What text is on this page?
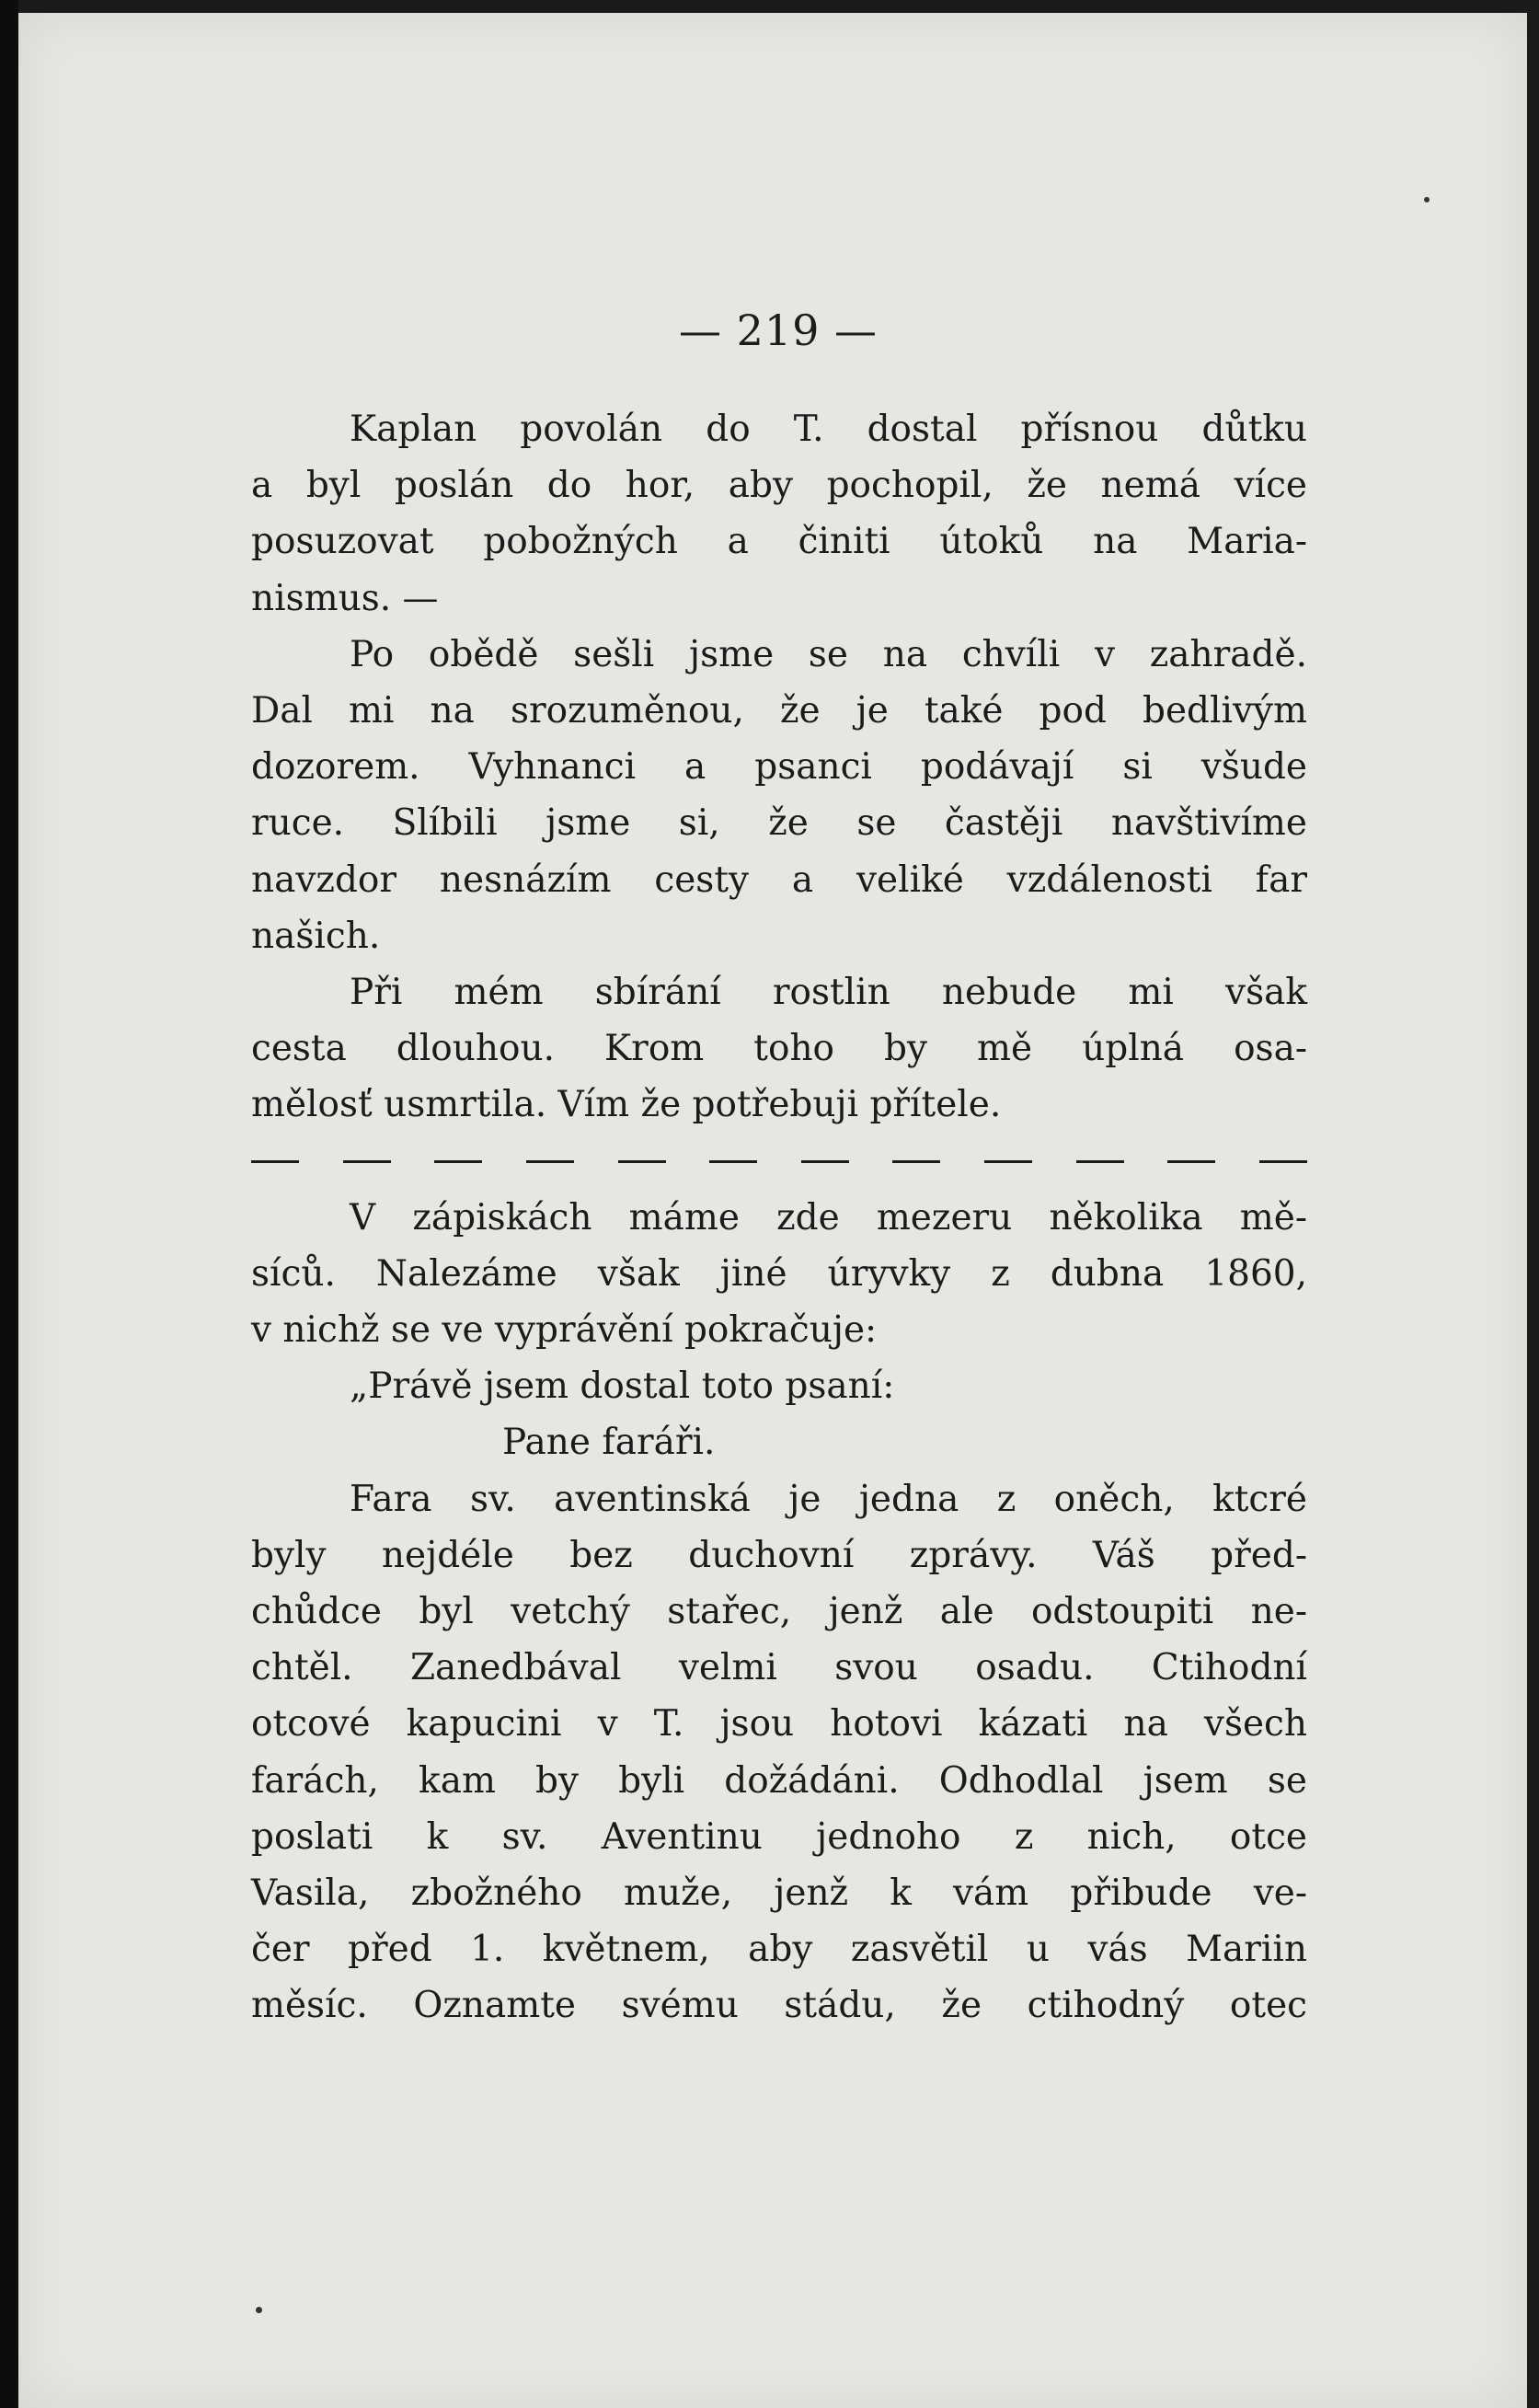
— 219 —
Kaplan povolán do T. dostal přísnou důtku
a byl poslán do hor, aby pochopil, že nemá více
posuzovat pobožných a činiti útoků na Maria-
nismus. —
Po obědě sešli jsme se na chvíli v zahradě.
Dal mi na srozuměnou, že je také pod bedlivým
dozorem. Vyhnanci a psanci podávají si všude
ruce. Slíbili jsme si, že se častěji navštivíme
navzdor nesnázím cesty a veliké vzdálenosti far
našich.
Při mém sbírání rostlin nebude mi však
cesta dlouhou. Krom toho by mě úplná osa-
mělosť usmrtila. Vím že potřebuji přítele.
V zápiskách máme zde mezeru několika mě-
síců. Nalezáme však jiné úryvky z dubna 1860,
v nichž se ve vyprávění pokračuje:
„Právě jsem dostal toto psaní:
Pane faráři.
Fara sv. aventinská je jedna z oněch, ktcré
byly nejdéle bez duchovní zprávy. Váš před-
chůdce byl vetchý stařec, jenž ale odstoupiti ne-
chtěl. Zanedbával velmi svou osadu. Ctihodní
otcové kapucini v T. jsou hotovi kázati na všech
farách, kam by byli dožádáni. Odhodlal jsem se
poslati k sv. Aventinu jednoho z nich, otce
Vasila, zbožného muže, jenž k vám přibude ve-
čer před 1. květnem, aby zasvětil u vás Mariin
měsíc. Oznamte svému stádu, že ctihodný otec
